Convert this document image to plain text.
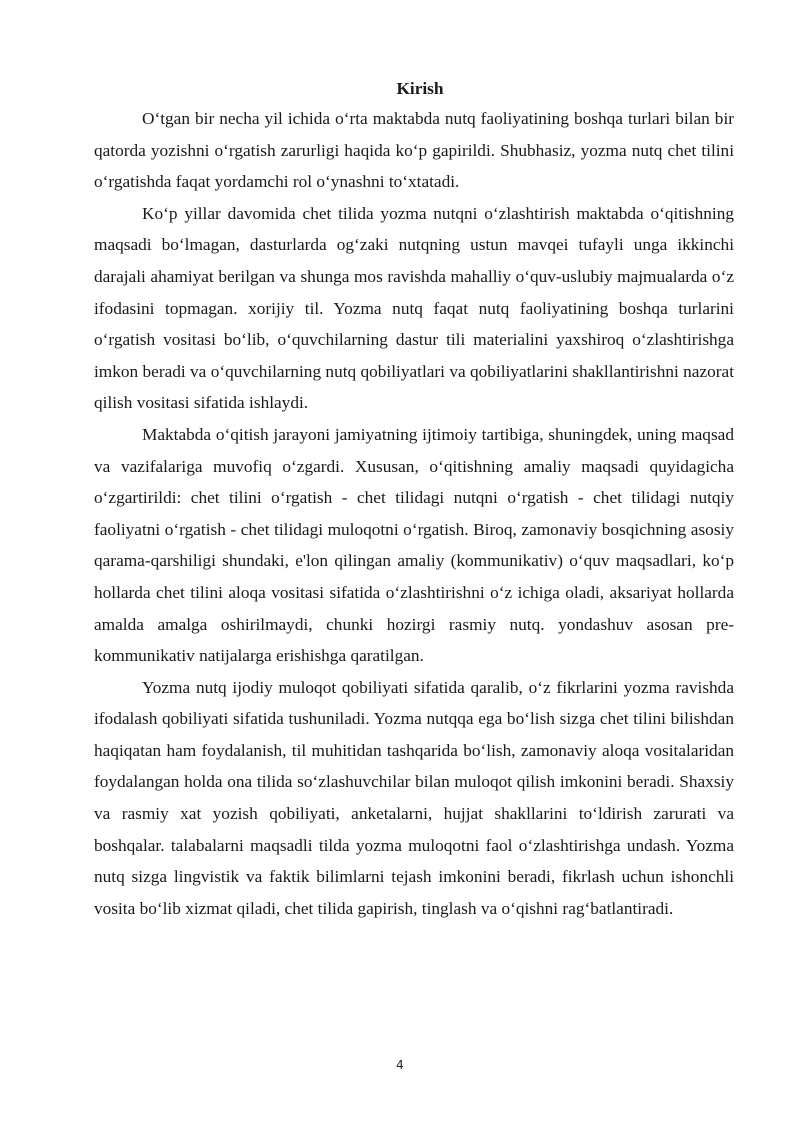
Kirish

O‘tgan bir necha yil ichida o‘rta maktabda nutq faoliyatining boshqa turlari bilan bir qatorda yozishni o‘rgatish zarurligi haqida ko‘p gapirildi. Shubhasiz, yozma nutq chet tilini o‘rgatishda faqat yordamchi rol o‘ynashni to‘xtatadi.

Ko‘p yillar davomida chet tilida yozma nutqni o‘zlashtirish maktabda o‘qitishning maqsadi bo‘lmagan, dasturlarda og‘zaki nutqning ustun mavqei tufayli unga ikkinchi darajali ahamiyat berilgan va shunga mos ravishda mahalliy o‘quv-uslubiy majmualarda o‘z ifodasini topmagan. xorijiy til. Yozma nutq faqat nutq faoliyatining boshqa turlarini o‘rgatish vositasi bo‘lib, o‘quvchilarning dastur tili materialini yaxshiroq o‘zlashtirishga imkon beradi va o‘quvchilarning nutq qobiliyatlari va qobiliyatlarini shakllantirishni nazorat qilish vositasi sifatida ishlaydi.

Maktabda o‘qitish jarayoni jamiyatning ijtimoiy tartibiga, shuningdek, uning maqsad va vazifalariga muvofiq o‘zgardi. Xususan, o‘qitishning amaliy maqsadi quyidagicha o‘zgartirildi: chet tilini o‘rgatish - chet tilidagi nutqni o‘rgatish - chet tilidagi nutqiy faoliyatni o‘rgatish - chet tilidagi muloqotni o‘rgatish. Biroq, zamonaviy bosqichning asosiy qarama-qarshiligi shundaki, e'lon qilingan amaliy (kommunikativ) o‘quv maqsadlari, ko‘p hollarda chet tilini aloqa vositasi sifatida o‘zlashtirishni o‘z ichiga oladi, aksariyat hollarda amalda amalga oshirilmaydi, chunki hozirgi rasmiy nutq. yondashuv asosan pre-kommunikativ natijalarga erishishga qaratilgan.

Yozma nutq ijodiy muloqot qobiliyati sifatida qaralib, o‘z fikrlarini yozma ravishda ifodalash qobiliyati sifatida tushuniladi. Yozma nutqqa ega bo‘lish sizga chet tilini bilishdan haqiqatan ham foydalanish, til muhitidan tashqarida bo‘lish, zamonaviy aloqa vositalaridan foydalangan holda ona tilida so‘zlashuvchilar bilan muloqot qilish imkonini beradi. Shaxsiy va rasmiy xat yozish qobiliyati, anketalarni, hujjat shakllarini to‘ldirish zarurati va boshqalar. talabalarni maqsadli tilda yozma muloqotni faol o‘zlashtirishga undash. Yozma nutq sizga lingvistik va faktik bilimlarni tejash imkonini beradi, fikrlash uchun ishonchli vosita bo‘lib xizmat qiladi, chet tilida gapirish, tinglash va o‘qishni rag‘batlantiradi.

4
